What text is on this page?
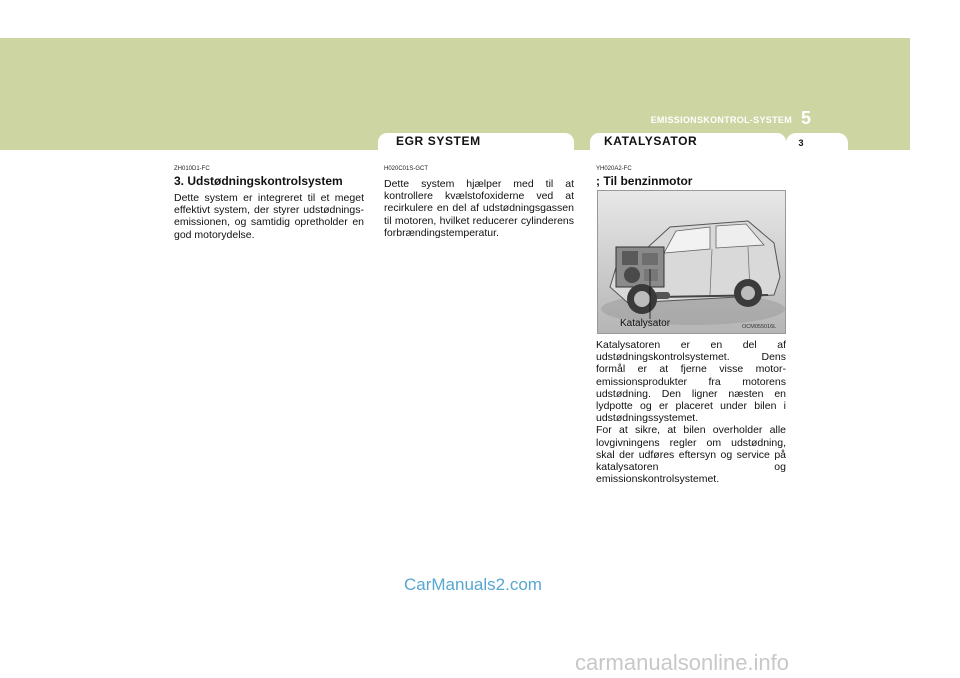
EMISSIONSKONTROL-SYSTEM 5
EGR SYSTEM	KATALYSATOR	3
ZH010D1-FC
3. Udstødningskontrolsystem

Dette system er integreret til et meget effektivt system, der styrer udstødnings-emissionen, og samtidig opretholder en god motorydelse.

H020C01S-GCT

Dette system hjælper med til at kontrollere kvælstofoxiderne ved at recirkulere en del af udstødningsgassen til motoren, hvilket reducerer cylinderens forbrændingstemperatur.

YH020A2-FC
; Til benzinmotor
Katalysator	OCM055016L

Katalysatoren er en del af udstødningskontrolsystemet. Dens formål er at fjerne visse motor-emissionsprodukter fra motorens udstødning. Den ligner næsten en lydpotte og er placeret under bilen i udstødningssystemet.

For at sikre, at bilen overholder alle lovgivningens regler om udstødning, skal der udføres eftersyn og service på katalysatoren og emissionskontrolsystemet.

CarManuals2.com
carmanualsonline.info
